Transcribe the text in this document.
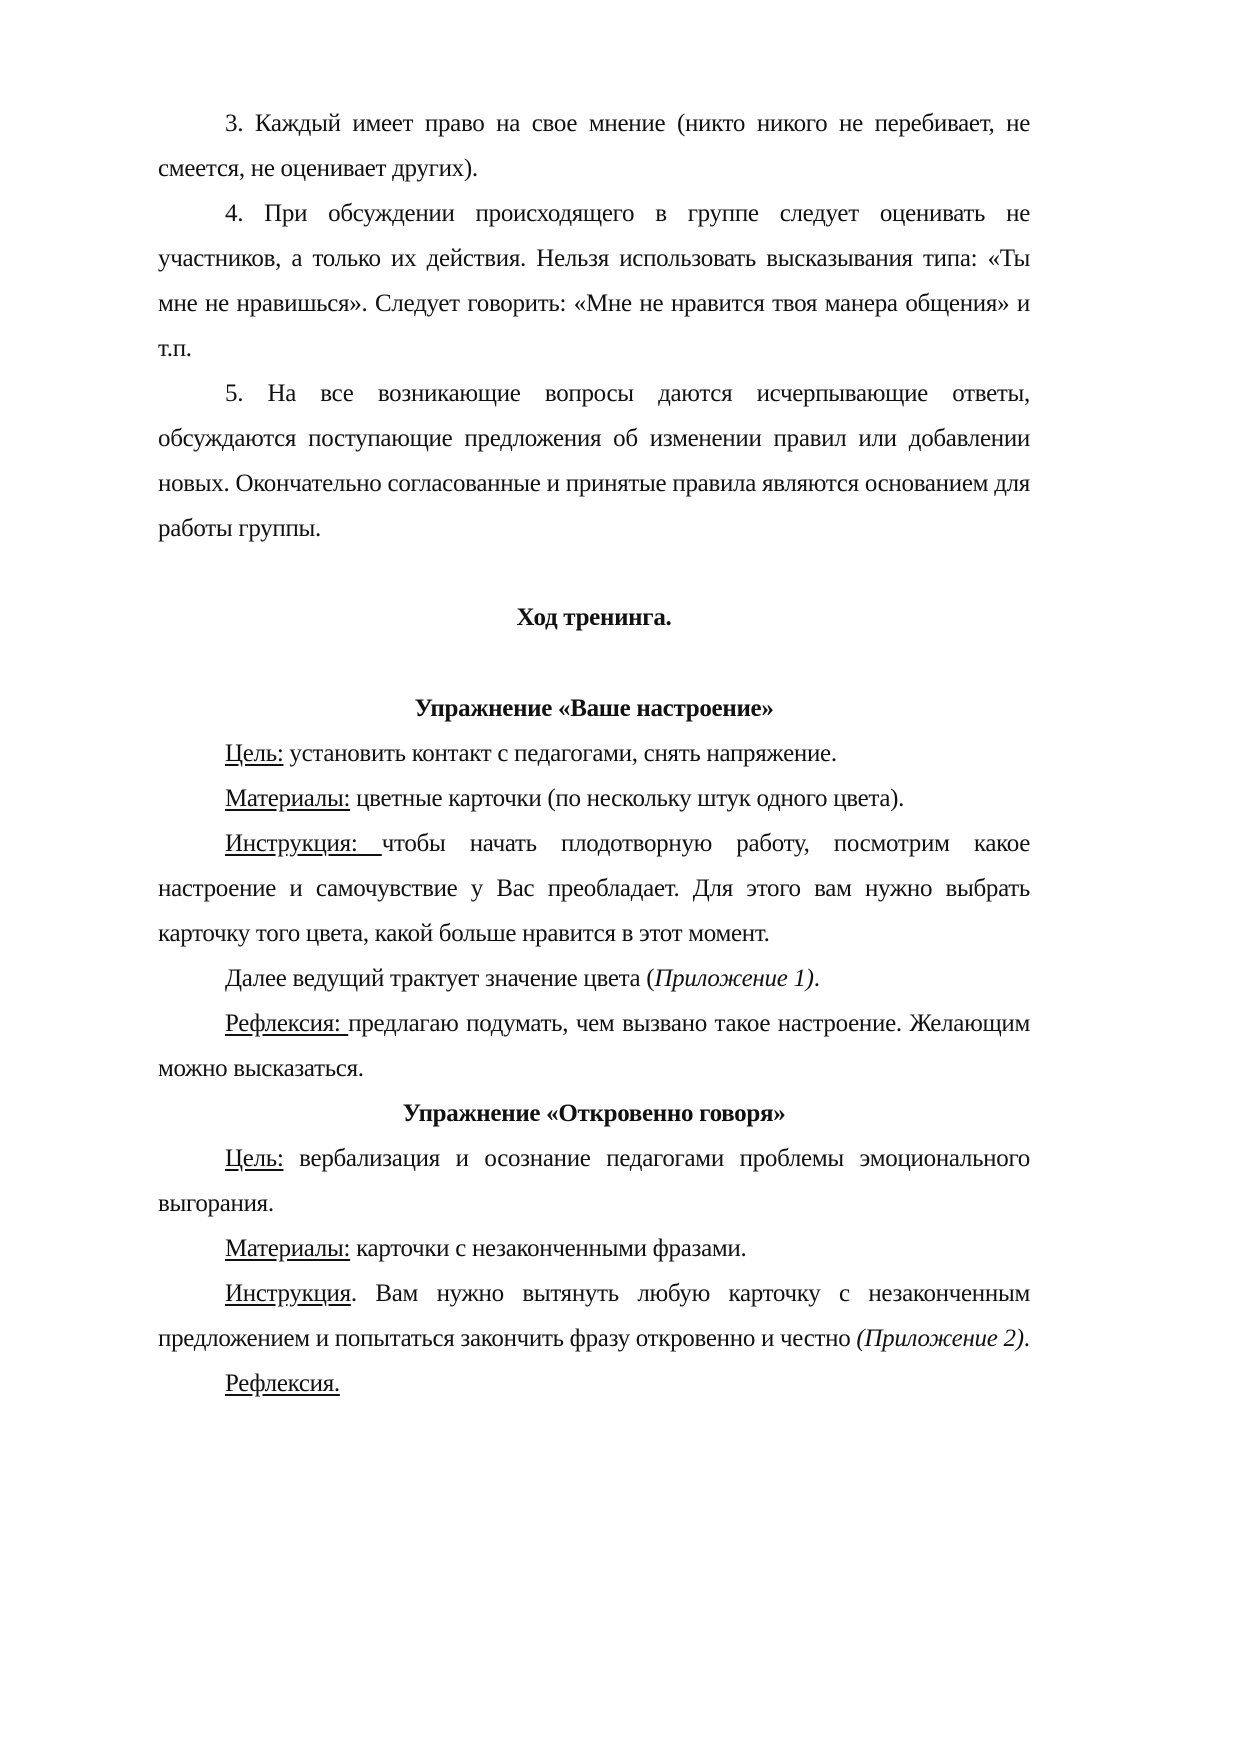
3. Каждый имеет право на свое мнение (никто никого не перебивает, не смеется, не оценивает других).

4. При обсуждении происходящего в группе следует оценивать не участников, а только их действия. Нельзя использовать высказывания типа: «Ты мне не нравишься». Следует говорить: «Мне не нравится твоя манера общения» и т.п.

5. На все возникающие вопросы даются исчерпывающие ответы, обсуждаются поступающие предложения об изменении правил или добавлении новых. Окончательно согласованные и принятые правила являются основанием для работы группы.

Ход тренинга.

Упражнение «Ваше настроение»

Цель: установить контакт с педагогами, снять напряжение.

Материалы: цветные карточки (по нескольку штук одного цвета).

Инструкция: чтобы начать плодотворную работу, посмотрим какое настроение и самочувствие у Вас преобладает. Для этого вам нужно выбрать карточку того цвета, какой больше нравится в этот момент.

Далее ведущий трактует значение цвета (Приложение 1).

Рефлексия: предлагаю подумать, чем вызвано такое настроение. Желающим можно высказаться.

Упражнение «Откровенно говоря»

Цель: вербализация и осознание педагогами проблемы эмоционального выгорания.

Материалы: карточки с незаконченными фразами.

Инструкция. Вам нужно вытянуть любую карточку с незаконченным предложением и попытаться закончить фразу откровенно и честно (Приложение 2).

Рефлексия.
